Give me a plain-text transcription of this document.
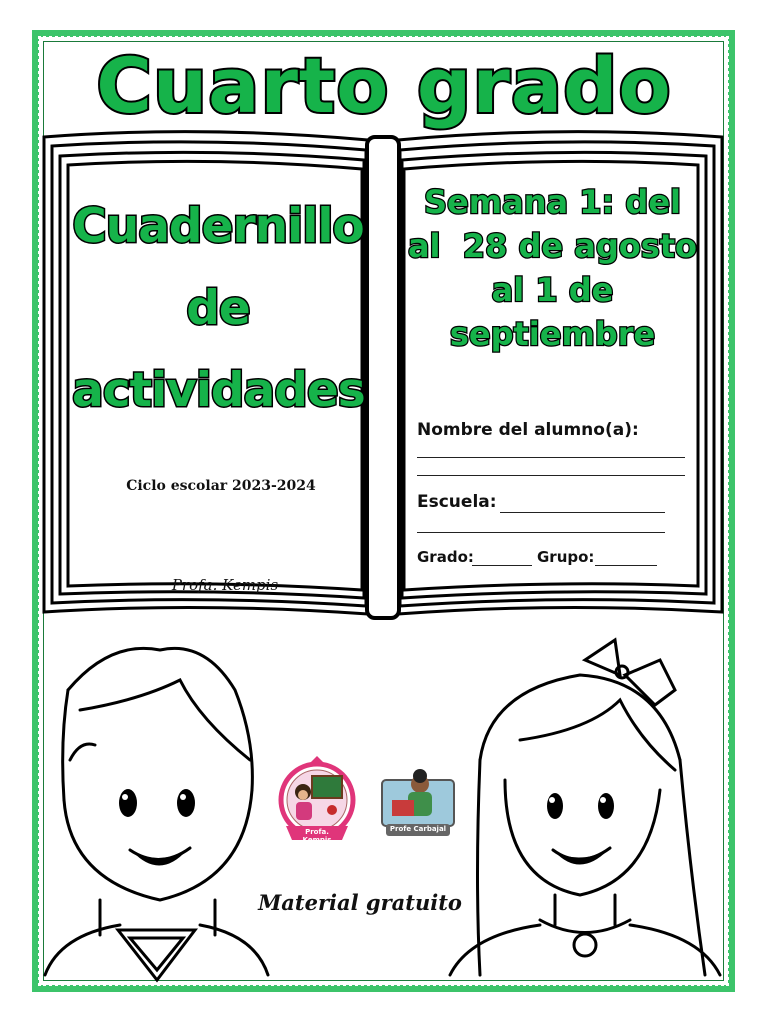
Cuarto grado
Cuadernillo
de
actividades
Semana 1: del
al  28 de agosto
al 1 de
septiembre
Ciclo escolar 2023-2024
Profa. Kempis
Nombre del alumno(a):
Escuela:
Grado:	Grupo:
Profa. Kempis
Profe Carbajal
Material gratuito
